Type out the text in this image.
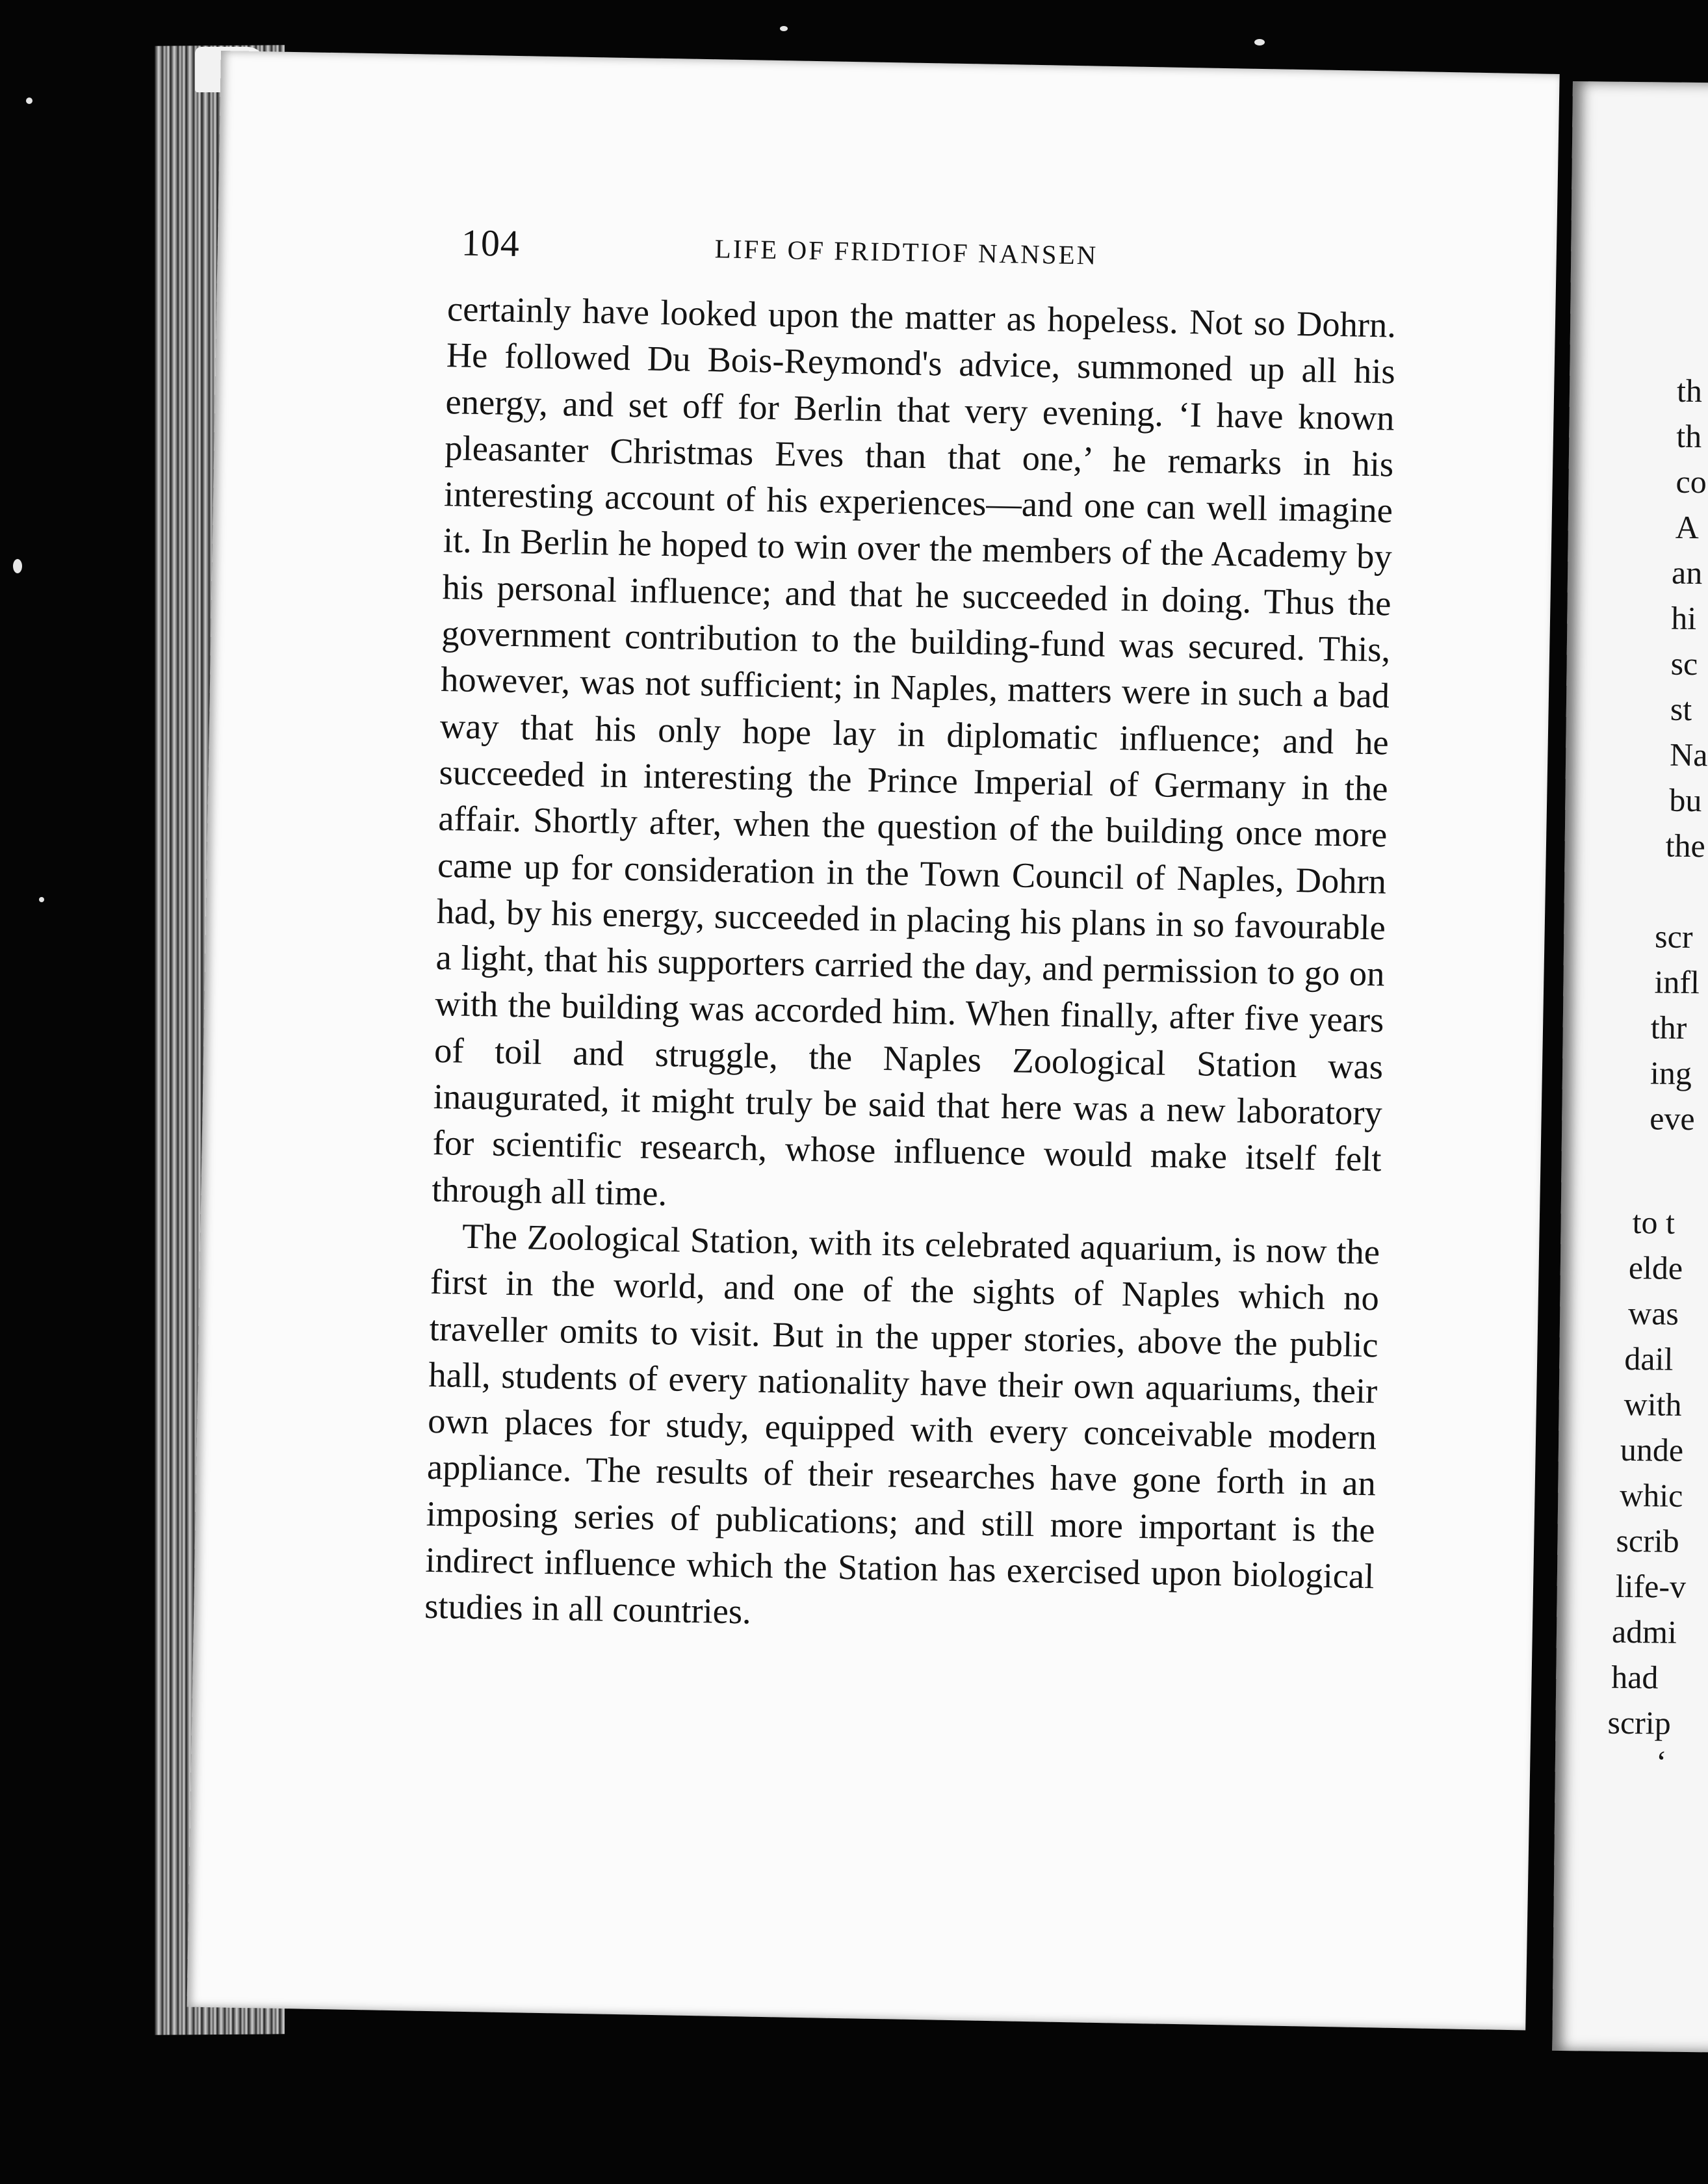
104	LIFE OF FRIDTIOF NANSEN

certainly have looked upon the matter as hopeless. Not so Dohrn. He followed Du Bois-Reymond's advice, summoned up all his energy, and set off for Berlin that very evening. ‘I have known pleasanter Christmas Eves than that one,’ he remarks in his interesting account of his experiences—and one can well imagine it. In Berlin he hoped to win over the members of the Academy by his personal influence; and that he succeeded in doing. Thus the government contribution to the building-fund was secured. This, however, was not sufficient; in Naples, matters were in such a bad way that his only hope lay in diplomatic influence; and he succeeded in interesting the Prince Imperial of Germany in the affair. Shortly after, when the question of the building once more came up for consideration in the Town Council of Naples, Dohrn had, by his energy, succeeded in placing his plans in so favourable a light, that his supporters carried the day, and permission to go on with the building was accorded him. When finally, after five years of toil and struggle, the Naples Zoological Station was inaugurated, it might truly be said that here was a new laboratory for scientific research, whose influence would make itself felt through all time.

The Zoological Station, with its celebrated aquarium, is now the first in the world, and one of the sights of Naples which no traveller omits to visit. But in the upper stories, above the public hall, students of every nationality have their own aquariums, their own places for study, equipped with every conceivable modern appliance. The results of their researches have gone forth in an imposing series of publications; and still more important is the indirect influence which the Station has exercised upon biological studies in all countries.

th
th
co
A
an
hi
sc
st
Na
bu
the
scr
infl
thr
ing
eve
to t
elde
was
dail
with
unde
whic
scrib
life-v
admi
had
scrip
‘
